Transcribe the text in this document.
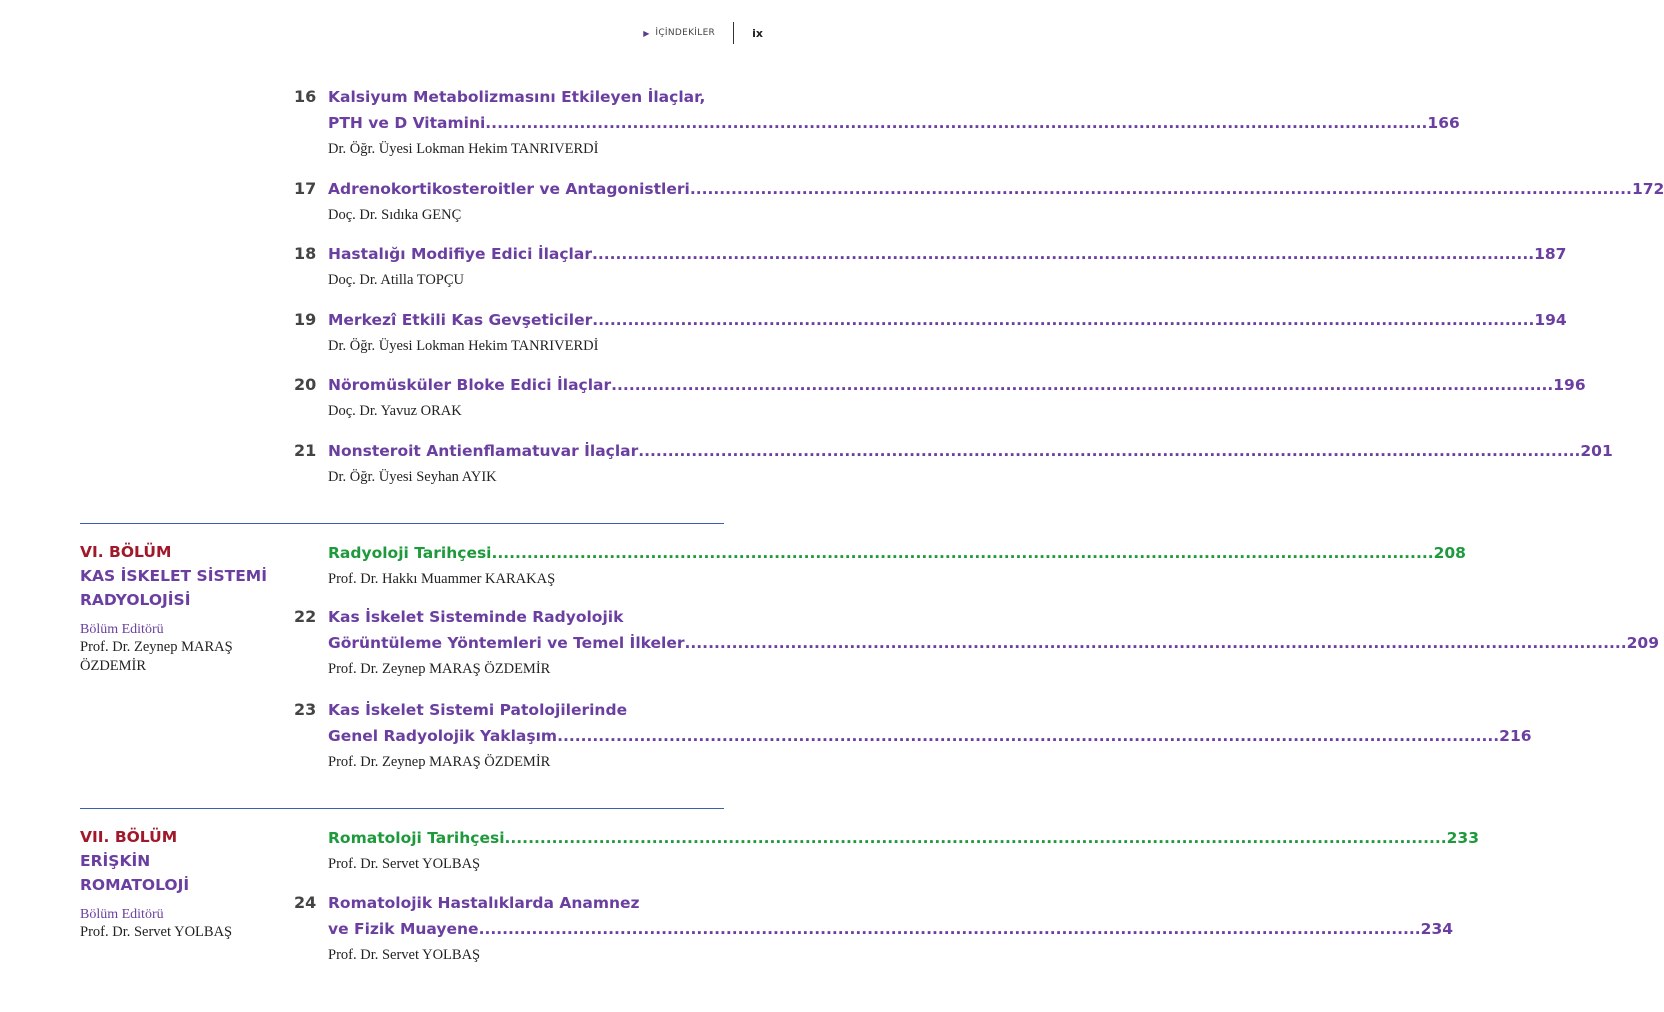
▶ İÇİNDEKİLER	ix
16 Kalsiyum Metabolizmasını Etkileyen İlaçlar,
PTH ve D Vitamini .....	166
Dr. Öğr. Üyesi Lokman Hekim TANRIVERDİ
17 Adrenokortikosteroitler ve Antagonistleri .....	172
Doç. Dr. Sıdıka GENÇ
18 Hastalığı Modifiye Edici İlaçlar .....	187
Doç. Dr. Atilla TOPÇU
19 Merkezî Etkili Kas Gevşeticiler .....	194
Dr. Öğr. Üyesi Lokman Hekim TANRIVERDİ
20 Nöromüsküler Bloke Edici İlaçlar .....	196
Doç. Dr. Yavuz ORAK
21 Nonsteroit Antienflamatuvar İlaçlar .....	201
Dr. Öğr. Üyesi Seyhan AYIK
VI. BÖLÜM
KAS İSKELET SİSTEMİ
RADYOLOJİSİ
Bölüm Editörü
Prof. Dr. Zeynep MARAŞ ÖZDEMİR
Radyoloji Tarihçesi .....	208
Prof. Dr. Hakkı Muammer KARAKAŞ
22 Kas İskelet Sisteminde Radyolojik
Görüntüleme Yöntemleri ve Temel İlkeler .....	209
Prof. Dr. Zeynep MARAŞ ÖZDEMİR
23 Kas İskelet Sistemi Patolojilerinde
Genel Radyolojik Yaklaşım .....	216
Prof. Dr. Zeynep MARAŞ ÖZDEMİR
VII. BÖLÜM
ERİŞKİN
ROMATOLOJİ
Bölüm Editörü
Prof. Dr. Servet YOLBAŞ
Romatoloji Tarihçesi .....	233
Prof. Dr. Servet YOLBAŞ
24 Romatolojik Hastalıklarda Anamnez
ve Fizik Muayene .....	234
Prof. Dr. Servet YOLBAŞ
